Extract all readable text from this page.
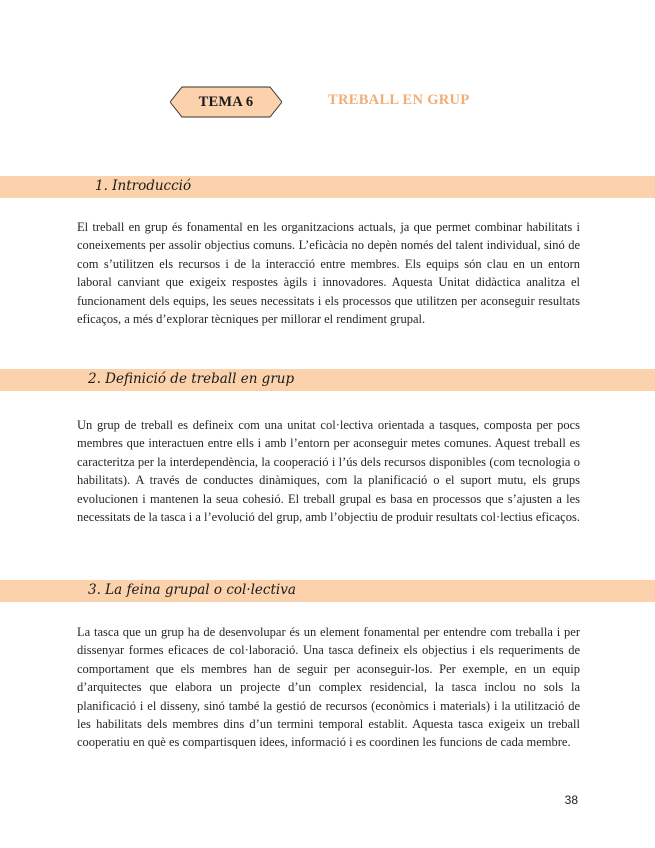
TEMA 6	TREBALL EN GRUP
1. Introducció

El treball en grup és fonamental en les organitzacions actuals, ja que permet combinar habilitats i coneixements per assolir objectius comuns. L’eficàcia no depèn només del talent individual, sinó de com s’utilitzen els recursos i de la interacció entre membres. Els equips són clau en un entorn laboral canviant que exigeix respostes àgils i innovadores. Aquesta Unitat didàctica analitza el funcionament dels equips, les seues necessitats i els processos que utilitzen per aconseguir resultats eficaços, a més d’explorar tècniques per millorar el rendiment grupal.

2. Definició de treball en grup

Un grup de treball es defineix com una unitat col·lectiva orientada a tasques, composta per pocs membres que interactuen entre ells i amb l’entorn per aconseguir metes comunes. Aquest treball es caracteritza per la interdependència, la cooperació i l’ús dels recursos disponibles (com tecnologia o habilitats). A través de conductes dinàmiques, com la planificació o el suport mutu, els grups evolucionen i mantenen la seua cohesió. El treball grupal es basa en processos que s’ajusten a les necessitats de la tasca i a l’evolució del grup, amb l’objectiu de produir resultats col·lectius eficaços.

3. La feina grupal o col·lectiva

La tasca que un grup ha de desenvolupar és un element fonamental per entendre com treballa i per dissenyar formes eficaces de col·laboració. Una tasca defineix els objectius i els requeriments de comportament que els membres han de seguir per aconseguir-los. Per exemple, en un equip d’arquitectes que elabora un projecte d’un complex residencial, la tasca inclou no sols la planificació i el disseny, sinó també la gestió de recursos (econòmics i materials) i la utilització de les habilitats dels membres dins d’un termini temporal establit. Aquesta tasca exigeix un treball cooperatiu en què es compartisquen idees, informació i es coordinen les funcions de cada membre.

38
